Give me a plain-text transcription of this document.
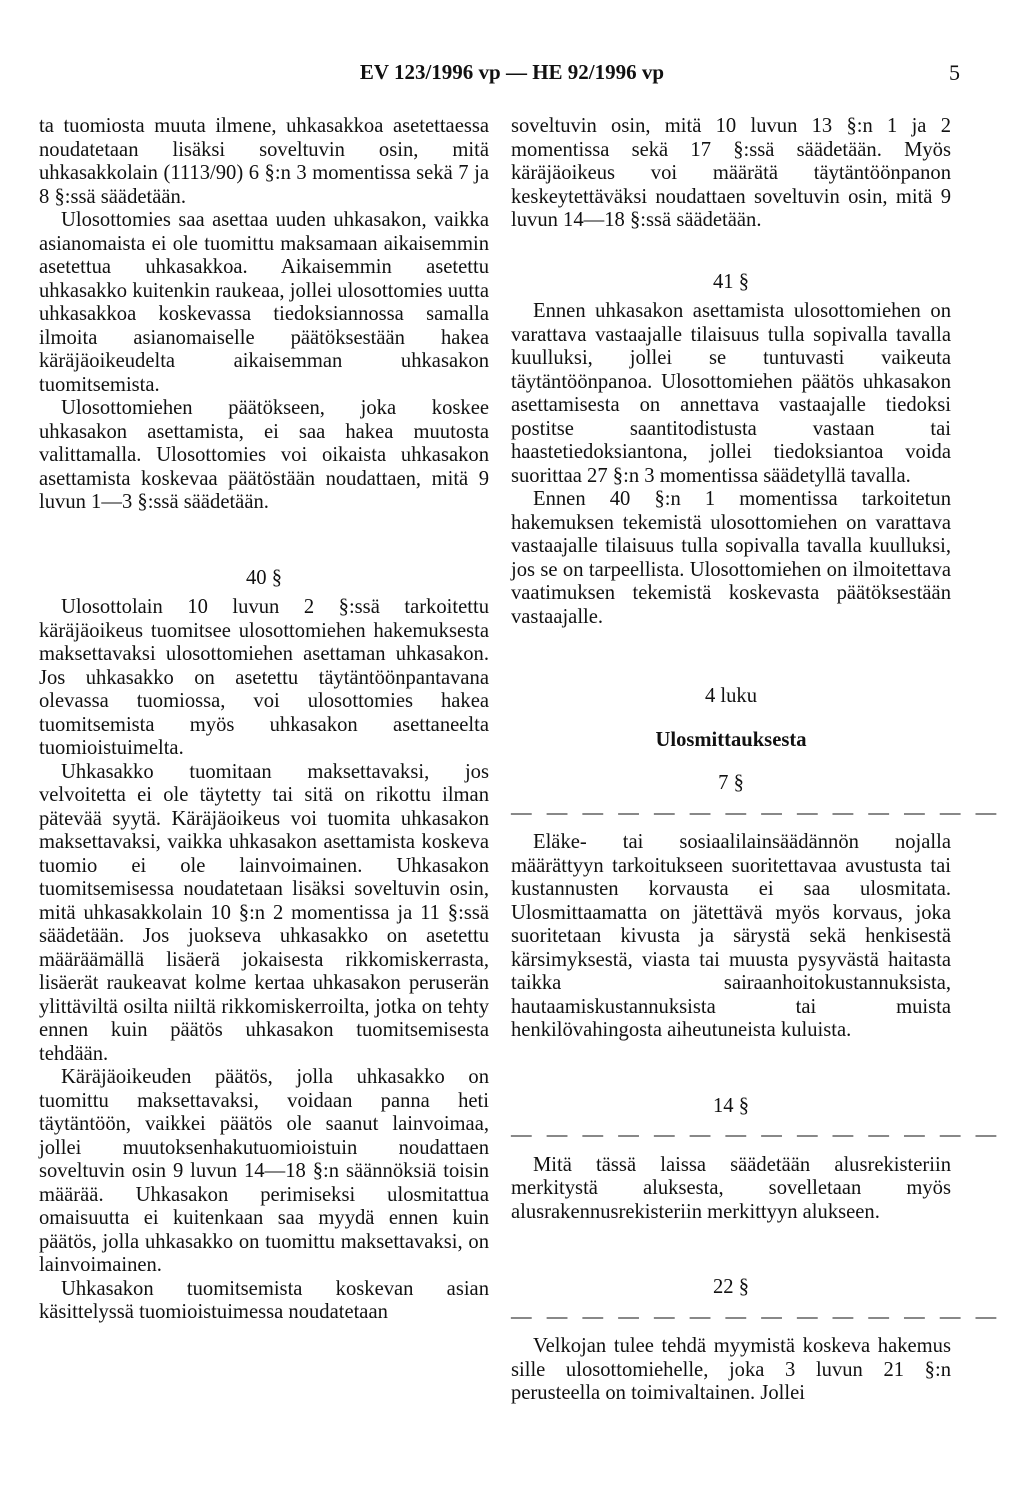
EV 123/1996 vp — HE 92/1996 vp	5

ta tuomiosta muuta ilmene, uhkasakkoa asetettaessa noudatetaan lisäksi soveltuvin osin, mitä uhkasakkolain (1113/90) 6 §:n 3 momentissa sekä 7 ja 8 §:ssä säädetään.

Ulosottomies saa asettaa uuden uhkasakon, vaikka asianomaista ei ole tuomittu maksamaan aikaisemmin asetettua uhkasakkoa. Aikaisemmin asetettu uhkasakko kuitenkin raukeaa, jollei ulosottomies uutta uhkasakkoa koskevassa tiedoksiannossa samalla ilmoita asianomaiselle päätöksestään hakea käräjäoikeudelta aikaisemman uhkasakon tuomitsemista.

Ulosottomiehen päätökseen, joka koskee uhkasakon asettamista, ei saa hakea muutosta valittamalla. Ulosottomies voi oikaista uhkasakon asettamista koskevaa päätöstään noudattaen, mitä 9 luvun 1—3 §:ssä säädetään.

40 §

Ulosottolain 10 luvun 2 §:ssä tarkoitettu käräjäoikeus tuomitsee ulosottomiehen hakemuksesta maksettavaksi ulosottomiehen asettaman uhkasakon. Jos uhkasakko on asetettu täytäntöönpantavana olevassa tuomiossa, voi ulosottomies hakea tuomitsemista myös uhkasakon asettaneelta tuomioistuimelta.

Uhkasakko tuomitaan maksettavaksi, jos velvoitetta ei ole täytetty tai sitä on rikottu ilman pätevää syytä. Käräjäoikeus voi tuomita uhkasakon maksettavaksi, vaikka uhkasakon asettamista koskeva tuomio ei ole lainvoimainen. Uhkasakon tuomitsemisessa noudatetaan lisäksi soveltuvin osin, mitä uhkasakkolain 10 §:n 2 momentissa ja 11 §:ssä säädetään. Jos juokseva uhkasakko on asetettu määräämällä lisäerä jokaisesta rikkomiskerrasta, lisäerät raukeavat kolme kertaa uhkasakon peruserän ylittäviltä osilta niiltä rikkomiskerroilta, jotka on tehty ennen kuin päätös uhkasakon tuomitsemisesta tehdään.

Käräjäoikeuden päätös, jolla uhkasakko on tuomittu maksettavaksi, voidaan panna heti täytäntöön, vaikkei päätös ole saanut lainvoimaa, jollei muutoksenhakutuomioistuin noudattaen soveltuvin osin 9 luvun 14—18 §:n säännöksiä toisin määrää. Uhkasakon perimiseksi ulosmitattua omaisuutta ei kuitenkaan saa myydä ennen kuin päätös, jolla uhkasakko on tuomittu maksettavaksi, on lainvoimainen.

Uhkasakon tuomitsemista koskevan asian käsittelyssä tuomioistuimessa noudatetaan

soveltuvin osin, mitä 10 luvun 13 §:n 1 ja 2 momentissa sekä 17 §:ssä säädetään. Myös käräjäoikeus voi määrätä täytäntöönpanon keskeytettäväksi noudattaen soveltuvin osin, mitä 9 luvun 14—18 §:ssä säädetään.

41 §

Ennen uhkasakon asettamista ulosottomiehen on varattava vastaajalle tilaisuus tulla sopivalla tavalla kuulluksi, jollei se tuntuvasti vaikeuta täytäntöönpanoa. Ulosottomiehen päätös uhkasakon asettamisesta on annettava vastaajalle tiedoksi postitse saantitodistusta vastaan tai haastetiedoksiantona, jollei tiedoksiantoa voida suorittaa 27 §:n 3 momentissa säädetyllä tavalla.

Ennen 40 §:n 1 momentissa tarkoitetun hakemuksen tekemistä ulosottomiehen on varattava vastaajalle tilaisuus tulla sopivalla tavalla kuulluksi, jos se on tarpeellista. Ulosottomiehen on ilmoitettava vaatimuksen tekemistä koskevasta päätöksestään vastaajalle.

4 luku

Ulosmittauksesta

7 §

— — — — — — — — — — — — — —

Eläke- tai sosiaalilainsäädännön nojalla määrättyyn tarkoitukseen suoritettavaa avustusta tai kustannusten korvausta ei saa ulosmitata. Ulosmittaamatta on jätettävä myös korvaus, joka suoritetaan kivusta ja särystä sekä henkisestä kärsimyksestä, viasta tai muusta pysyvästä haitasta taikka sairaanhoitokustannuksista, hautaamiskustannuksista tai muista henkilövahingosta aiheutuneista kuluista.

14 §

— — — — — — — — — — — — — —

Mitä tässä laissa säädetään alusrekisteriin merkitystä aluksesta, sovelletaan myös alusrakennusrekisteriin merkittyyn alukseen.

22 §

— — — — — — — — — — — — — —

Velkojan tulee tehdä myymistä koskeva hakemus sille ulosottomiehelle, joka 3 luvun 21 §:n perusteella on toimivaltainen. Jollei
